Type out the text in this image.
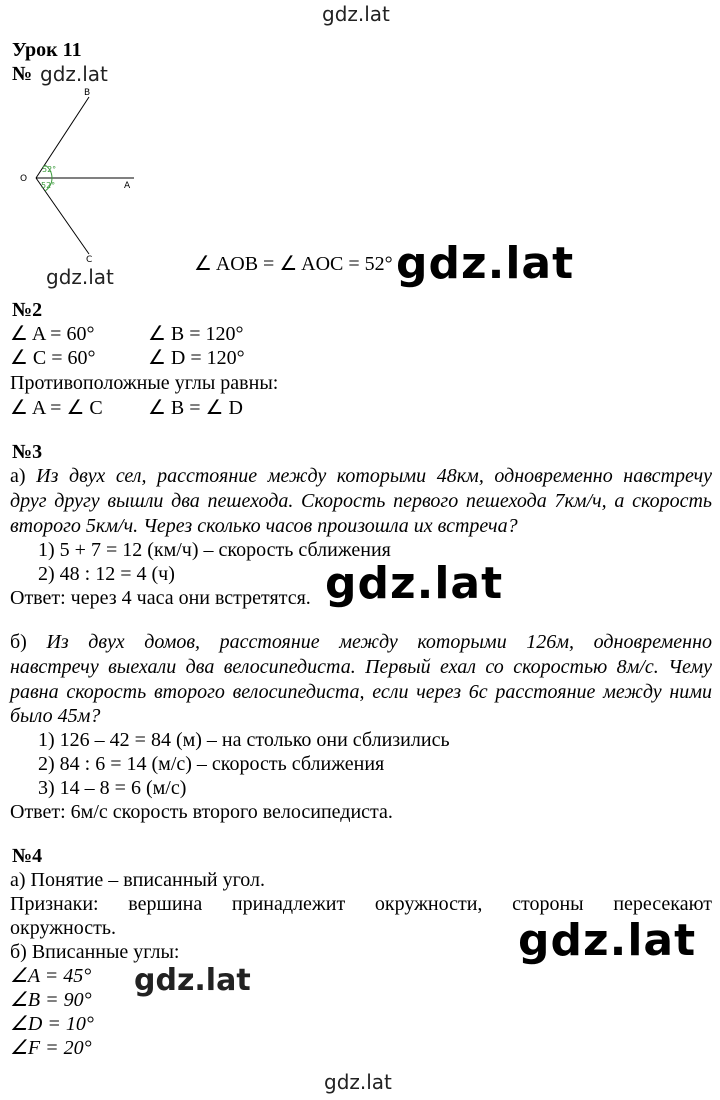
gdz.lat
gdz.lat
gdz.lat	gdz.lat
gdz.lat
gdz.lat
gdz.lat
gdz.lat
Урок 11
№
B
O
A
C
52°
52°
∠ AOB = ∠ AOC = 52°
№2
∠ A = 60°	∠ B = 120°
∠ C = 60°	∠ D = 120°
Противоположные углы равны:
∠ A = ∠ C ∠ B = ∠ D
№3
а) Из двух сел, расстояние между которыми 48км, одновременно навстречу
друг другу вышли два пешехода. Скорость первого пешехода 7км/ч, а скорость
второго 5км/ч. Через сколько часов произошла их встреча?
1) 5 + 7 = 12 (км/ч) – скорость сближения
2) 48 : 12 = 4 (ч)
Ответ: через 4 часа они встретятся.
б) Из двух домов, расстояние между которыми 126м, одновременно
навстречу выехали два велосипедиста. Первый ехал со скоростью 8м/с. Чему
равна скорость второго велосипедиста, если через 6с расстояние между ними
было 45м?
1) 126 – 42 = 84 (м) – на столько они сблизились
2) 84 : 6 = 14 (м/с) – скорость сближения
3) 14 – 8 = 6 (м/с)
Ответ: 6м/с скорость второго велосипедиста.
№4
а) Понятие – вписанный угол.
Признаки: вершина принадлежит окружности, стороны пересекают
окружность.
б) Вписанные углы:
∠A = 45°
∠B = 90°
∠D = 10°
∠F = 20°
